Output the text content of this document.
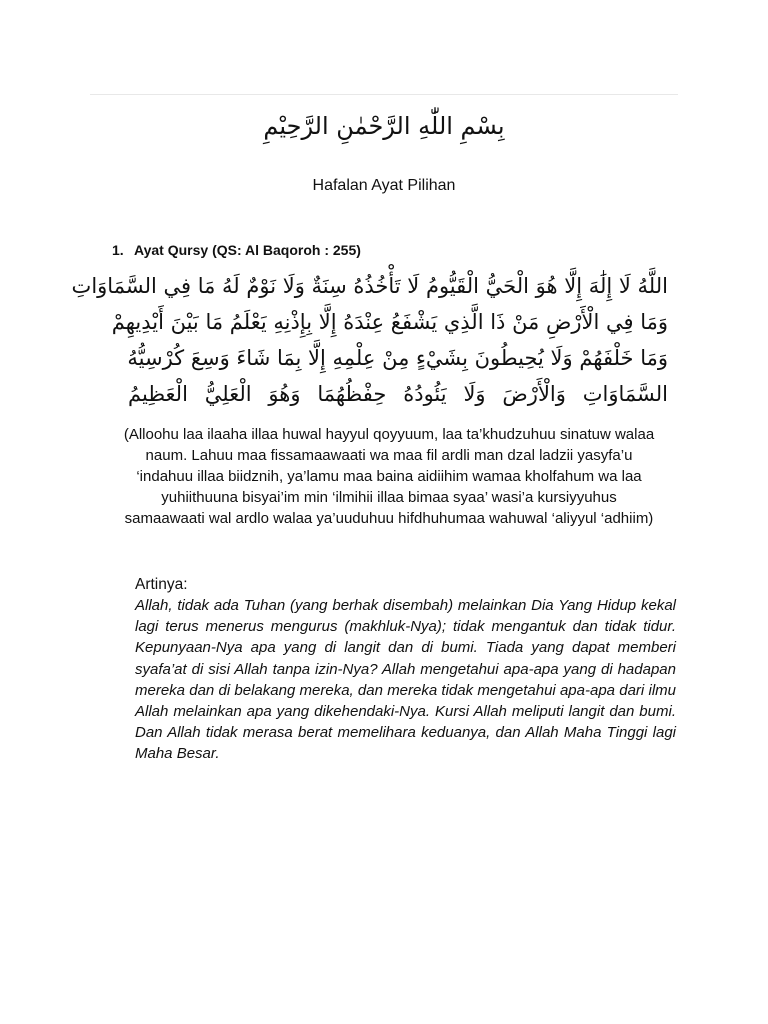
بِسْمِ اللّٰهِ الرَّحْمٰنِ الرَّحِيْمِ
Hafalan Ayat Pilihan
1. Ayat Qursy (QS: Al Baqoroh : 255)
اللَّهُ لَا إِلَٰهَ إِلَّا هُوَ الْحَيُّ الْقَيُّومُ لَا تَأْخُذُهُ سِنَةٌ وَلَا نَوْمٌ لَهُ مَا فِي السَّمَاوَاتِ
وَمَا فِي الْأَرْضِ مَنْ ذَا الَّذِي يَشْفَعُ عِنْدَهُ إِلَّا بِإِذْنِهِ يَعْلَمُ مَا بَيْنَ أَيْدِيهِمْ
وَمَا خَلْفَهُمْ وَلَا يُحِيطُونَ بِشَيْءٍ مِنْ عِلْمِهِ إِلَّا بِمَا شَاءَ وَسِعَ كُرْسِيُّهُ
السَّمَاوَاتِ وَالْأَرْضَ وَلَا يَئُودُهُ حِفْظُهُمَا وَهُوَ الْعَلِيُّ الْعَظِيمُ
(Alloohu laa ilaaha illaa huwal hayyul qoyyuum, laa ta’khudzuhuu sinatuw walaa naum. Lahuu maa fissamaawaati wa maa fil ardli man dzal ladzii yasyfa’u ‘indahuu illaa biidznih, ya’lamu maa baina aidiihim wamaa kholfahum wa laa yuhiithuuna bisyai’im min ‘ilmihii illaa bimaa syaa’ wasi’a kursiyyuhus samaawaati wal ardlo walaa ya’uuduhuu hifdhuhumaa wahuwal ‘aliyyul ‘adhiim)
Artinya:
Allah, tidak ada Tuhan (yang berhak disembah) melainkan Dia Yang Hidup kekal lagi terus menerus mengurus (makhluk-Nya); tidak mengantuk dan tidak tidur. Kepunyaan-Nya apa yang di langit dan di bumi. Tiada yang dapat memberi syafa’at di sisi Allah tanpa izin-Nya? Allah mengetahui apa-apa yang di hadapan mereka dan di belakang mereka, dan mereka tidak mengetahui apa-apa dari ilmu Allah melainkan apa yang dikehendaki-Nya. Kursi Allah meliputi langit dan bumi. Dan Allah tidak merasa berat memelihara keduanya, dan Allah Maha Tinggi lagi Maha Besar.
